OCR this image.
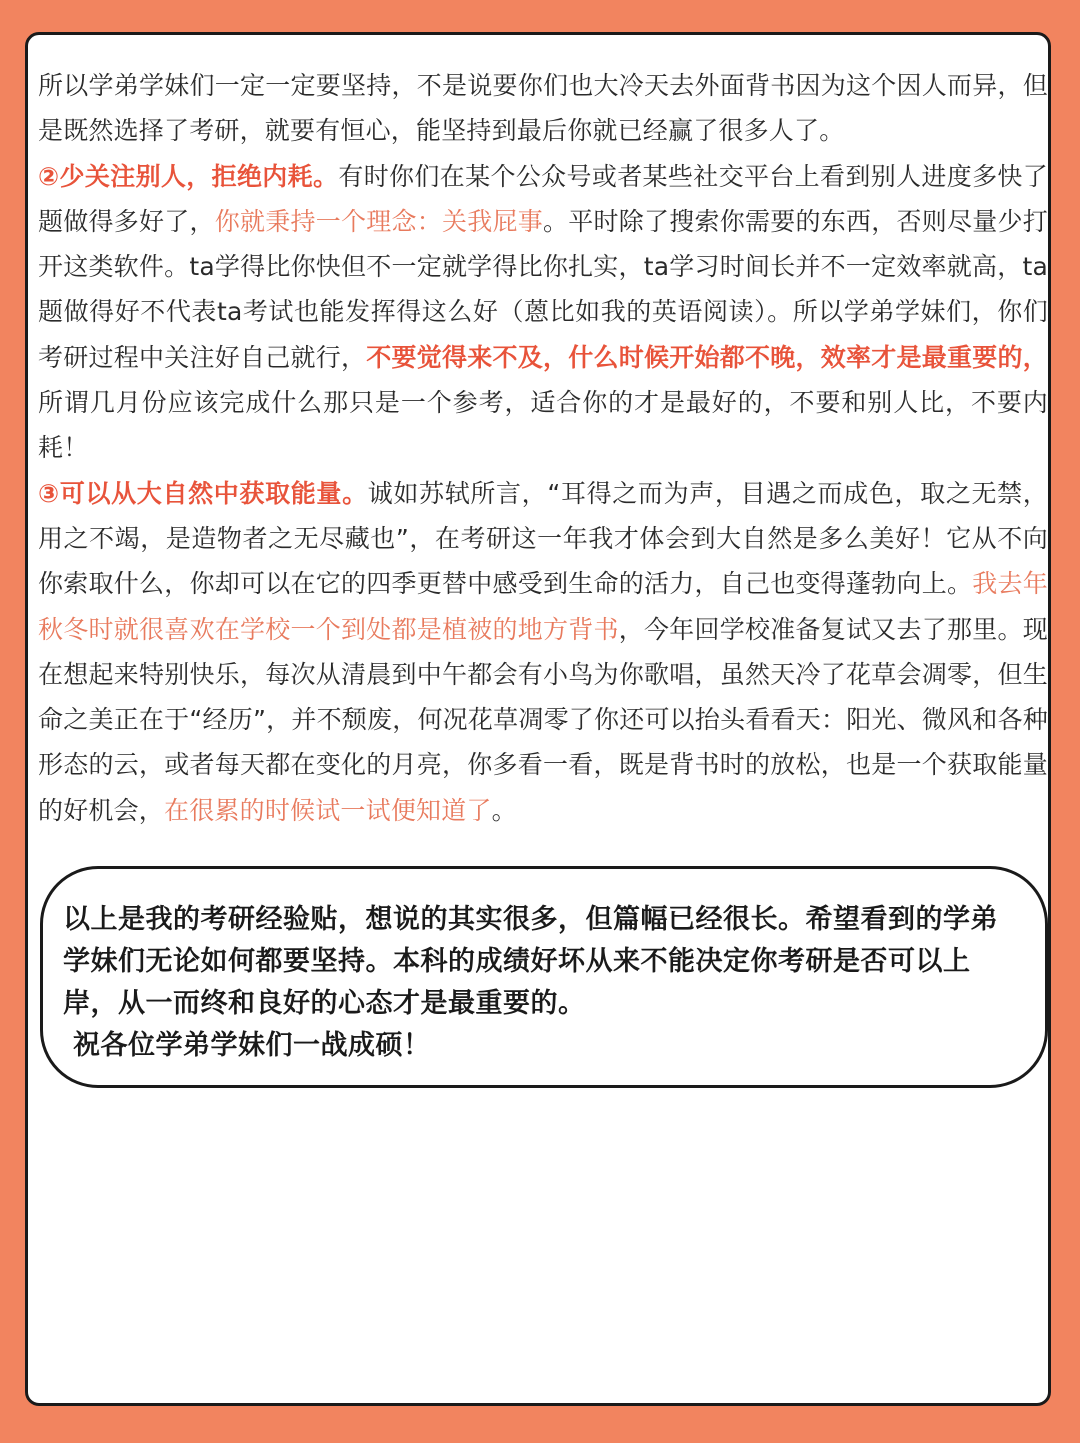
所以学弟学妹们一定一定要坚持，不是说要你们也大冷天去外面背书因为这个因人而异，但是既然选择了考研，就要有恒心，能坚持到最后你就已经赢了很多人了。

②少关注别人，拒绝内耗。有时你们在某个公众号或者某些社交平台上看到别人进度多快了题做得多好了，你就秉持一个理念：关我屁事。平时除了搜索你需要的东西，否则尽量少打开这类软件。ta学得比你快但不一定就学得比你扎实，ta学习时间长并不一定效率就高，ta题做得好不代表ta考试也能发挥得这么好（蒽比如我的英语阅读）。所以学弟学妹们，你们考研过程中关注好自己就行，不要觉得来不及，什么时候开始都不晚，效率才是最重要的，所谓几月份应该完成什么那只是一个参考，适合你的才是最好的，不要和别人比，不要内耗！

③可以从大自然中获取能量。诚如苏轼所言，“耳得之而为声，目遇之而成色，取之无禁，用之不竭，是造物者之无尽藏也”，在考研这一年我才体会到大自然是多么美好！它从不向你索取什么，你却可以在它的四季更替中感受到生命的活力，自己也变得蓬勃向上。我去年秋冬时就很喜欢在学校一个到处都是植被的地方背书，今年回学校准备复试又去了那里。现在想起来特别快乐，每次从清晨到中午都会有小鸟为你歌唱，虽然天冷了花草会凋零，但生命之美正在于“经历”，并不颓废，何况花草凋零了你还可以抬头看看天：阳光、微风和各种形态的云，或者每天都在变化的月亮，你多看一看，既是背书时的放松，也是一个获取能量的好机会，在很累的时候试一试便知道了。

以上是我的考研经验贴，想说的其实很多，但篇幅已经很长。希望看到的学弟学妹们无论如何都要坚持。本科的成绩好坏从来不能决定你考研是否可以上岸，从一而终和良好的心态才是最重要的。

祝各位学弟学妹们一战成硕！
